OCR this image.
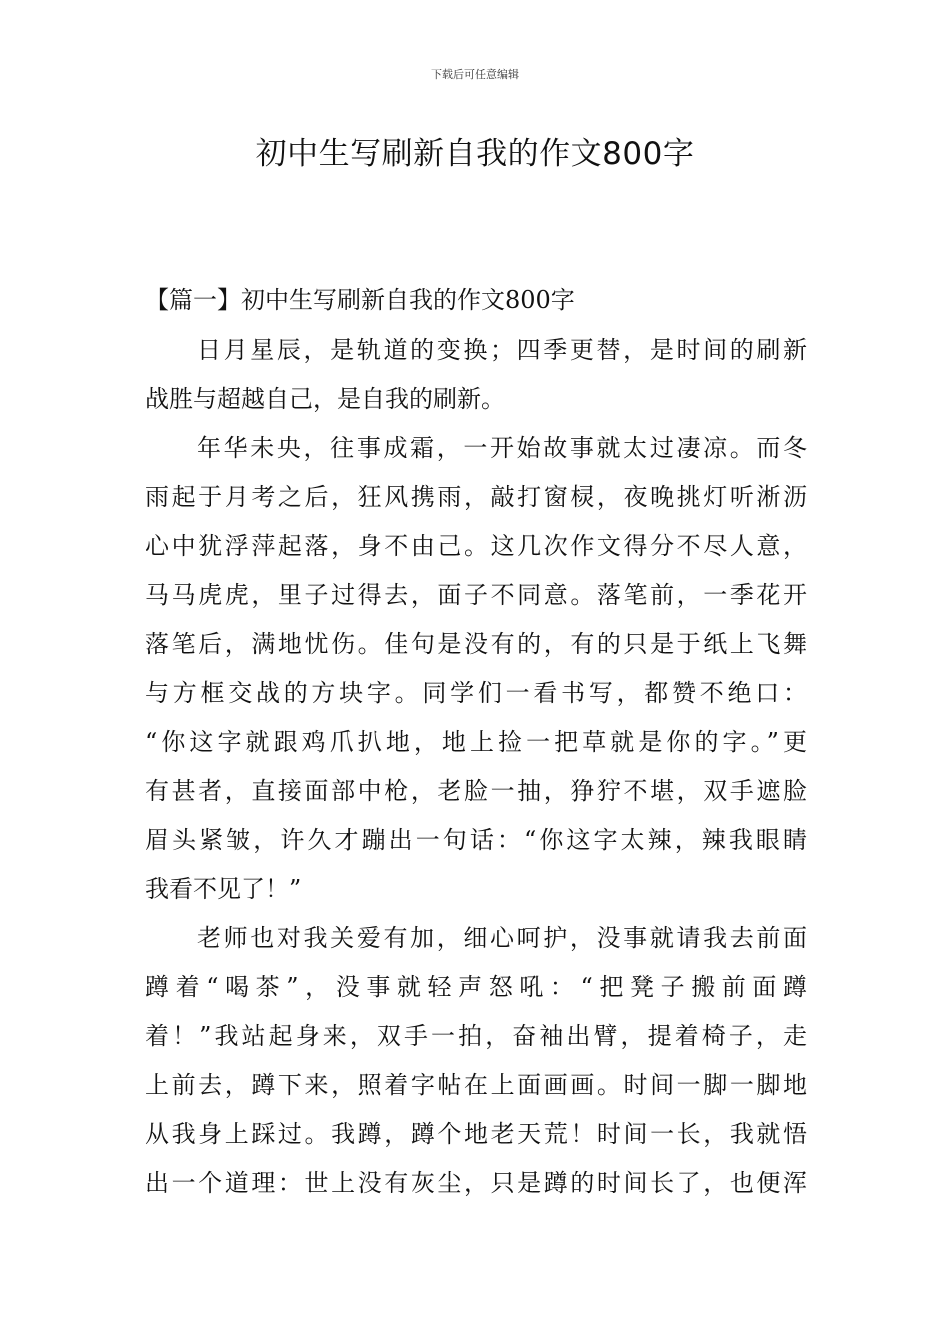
下载后可任意编辑
初中生写刷新自我的作文800字
【篇一】初中生写刷新自我的作文800字
日月星辰，是轨道的变换；四季更替，是时间的刷新
战胜与超越自己，是自我的刷新。
年华未央，往事成霜，一开始故事就太过凄凉。而冬
雨起于月考之后，狂风携雨，敲打窗棂，夜晚挑灯听淅沥
心中犹浮萍起落，身不由己。这几次作文得分不尽人意，
马马虎虎，里子过得去，面子不同意。落笔前，一季花开
落笔后，满地忧伤。佳句是没有的，有的只是于纸上飞舞
与方框交战的方块字。同学们一看书写，都赞不绝口：
“你这字就跟鸡爪扒地，地上捡一把草就是你的字。”更
有甚者，直接面部中枪，老脸一抽，狰狞不堪，双手遮脸
眉头紧皱，许久才蹦出一句话：“你这字太辣，辣我眼睛
我看不见了！”
老师也对我关爱有加，细心呵护，没事就请我去前面
蹲着“喝茶”，没事就轻声怒吼：“把凳子搬前面蹲
着！”我站起身来，双手一拍，奋袖出臂，提着椅子，走
上前去，蹲下来，照着字帖在上面画画。时间一脚一脚地
从我身上踩过。我蹲，蹲个地老天荒！时间一长，我就悟
出一个道理：世上没有灰尘，只是蹲的时间长了，也便浑
